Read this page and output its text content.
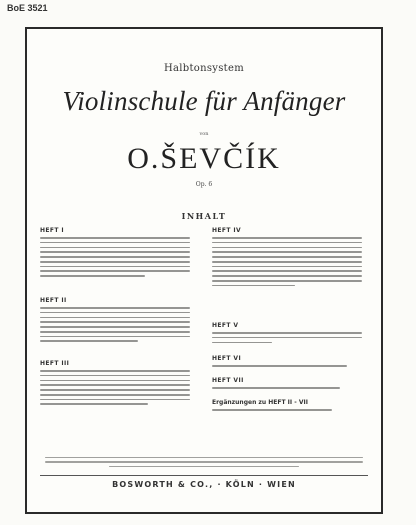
BoE 3521
Halbtonsystem
Violinschule für Anfänger
von
O.ŠEVČÍK
Op. 6
INHALT
HEFT I
HEFT II
HEFT III
HEFT IV
HEFT V
HEFT VI
HEFT VII
Ergänzungen zu HEFT II - VII
BOSWORTH & CO., · KÖLN · WIEN
